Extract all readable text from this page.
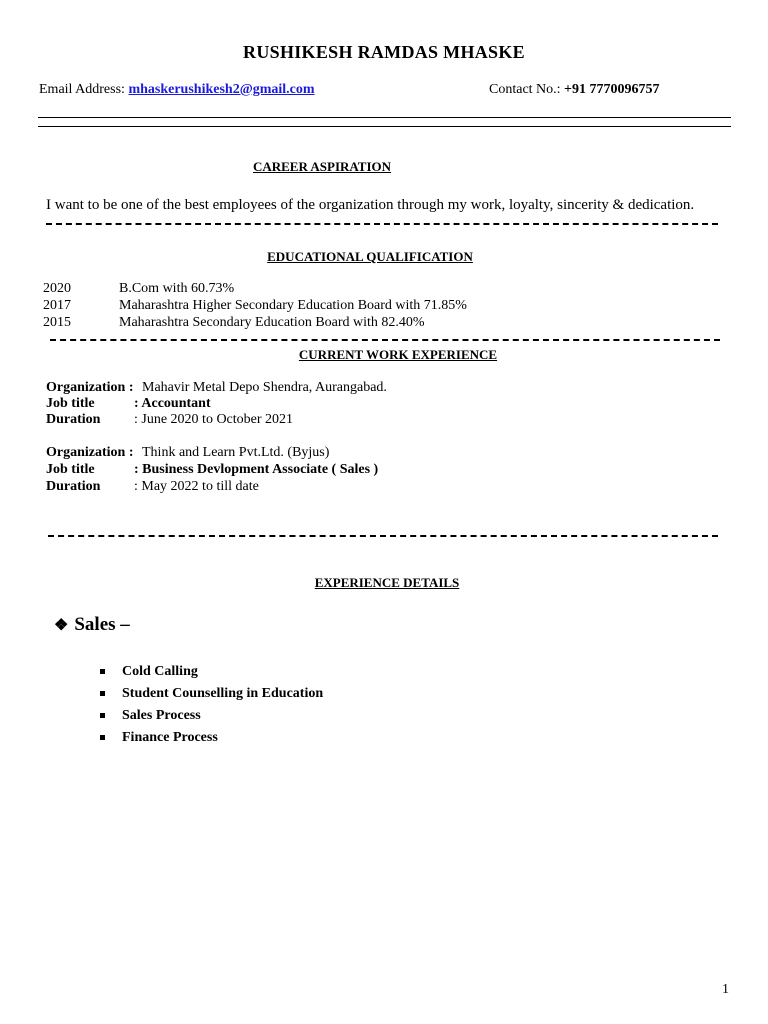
RUSHIKESH RAMDAS MHASKE
Email Address: mhaskerushikesh2@gmail.com	Contact No.: +91 7770096757
CAREER ASPIRATION
I want to be one of the best employees of the organization through my work, loyalty, sincerity & dedication.
EDUCATIONAL QUALIFICATION
2020	B.Com with 60.73%
2017	Maharashtra Higher Secondary Education Board with 71.85%
2015	Maharashtra Secondary Education Board with 82.40%
CURRENT WORK EXPERIENCE
Organization : Mahavir Metal Depo Shendra, Aurangabad.
Job title	: Accountant
Duration : June 2020 to October 2021
Organization : Think and Learn Pvt.Ltd. (Byjus)
Job title	: Business Devlopment Associate ( Sales )
Duration : May 2022 to till date
EXPERIENCE DETAILS
❖ Sales –
Cold Calling
Student Counselling in Education
Sales Process
Finance Process
1
